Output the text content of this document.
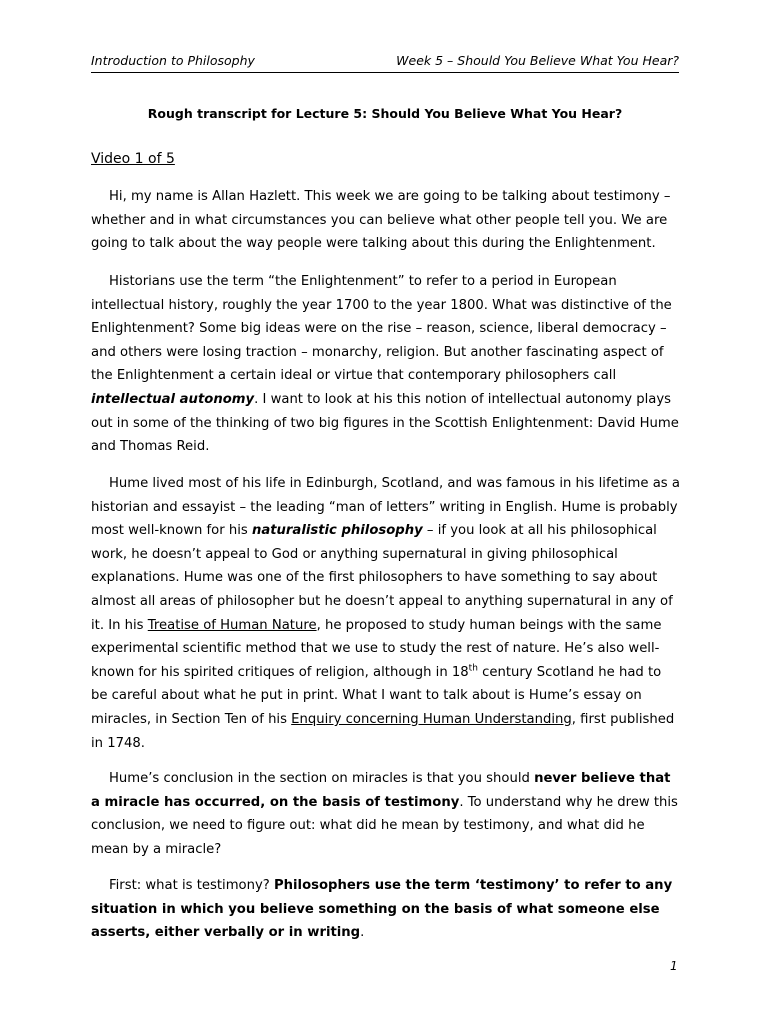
Introduction to Philosophy	Week 5 – Should You Believe What You Hear?
Rough transcript for Lecture 5: Should You Believe What You Hear?
Video 1 of 5

Hi, my name is Allan Hazlett. This week we are going to be talking about testimony – whether and in what circumstances you can believe what other people tell you. We are going to talk about the way people were talking about this during the Enlightenment.

Historians use the term “the Enlightenment” to refer to a period in European intellectual history, roughly the year 1700 to the year 1800. What was distinctive of the Enlightenment? Some big ideas were on the rise – reason, science, liberal democracy – and others were losing traction – monarchy, religion. But another fascinating aspect of the Enlightenment a certain ideal or virtue that contemporary philosophers call intellectual autonomy. I want to look at his this notion of intellectual autonomy plays out in some of the thinking of two big figures in the Scottish Enlightenment: David Hume and Thomas Reid.

Hume lived most of his life in Edinburgh, Scotland, and was famous in his lifetime as a historian and essayist – the leading “man of letters” writing in English. Hume is probably most well-known for his naturalistic philosophy – if you look at all his philosophical work, he doesn’t appeal to God or anything supernatural in giving philosophical explanations. Hume was one of the first philosophers to have something to say about almost all areas of philosopher but he doesn’t appeal to anything supernatural in any of it. In his Treatise of Human Nature, he proposed to study human beings with the same experimental scientific method that we use to study the rest of nature. He’s also well-known for his spirited critiques of religion, although in 18th century Scotland he had to be careful about what he put in print. What I want to talk about is Hume’s essay on miracles, in Section Ten of his Enquiry concerning Human Understanding, first published in 1748.

Hume’s conclusion in the section on miracles is that you should never believe that a miracle has occurred, on the basis of testimony. To understand why he drew this conclusion, we need to figure out: what did he mean by testimony, and what did he mean by a miracle?

First: what is testimony? Philosophers use the term ‘testimony’ to refer to any situation in which you believe something on the basis of what someone else asserts, either verbally or in writing.

1
